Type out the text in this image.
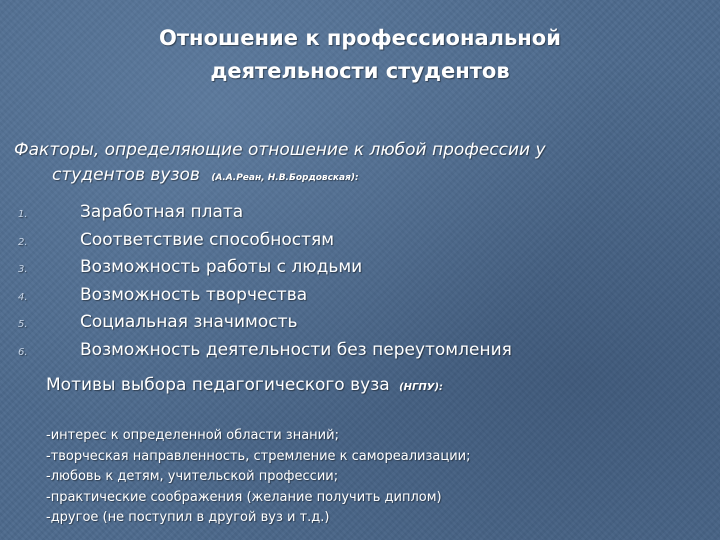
Отношение к профессиональной
деятельности студентов
Факторы, определяющие отношение к любой профессии у
студентов вузов (А.А.Реан, Н.В.Бордовская):
1.	Заработная плата
2.	Соответствие способностям
3.	Возможность работы с людьми
4.	Возможность творчества
5.	Социальная значимость
6.	Возможность деятельности без переутомления
Мотивы выбора педагогического вуза (НГПУ):
-интерес к определенной области знаний;
-творческая направленность, стремление к самореализации;
-любовь к детям, учительской профессии;
-практические соображения (желание получить диплом)
-другое (не поступил в другой вуз и т.д.)
